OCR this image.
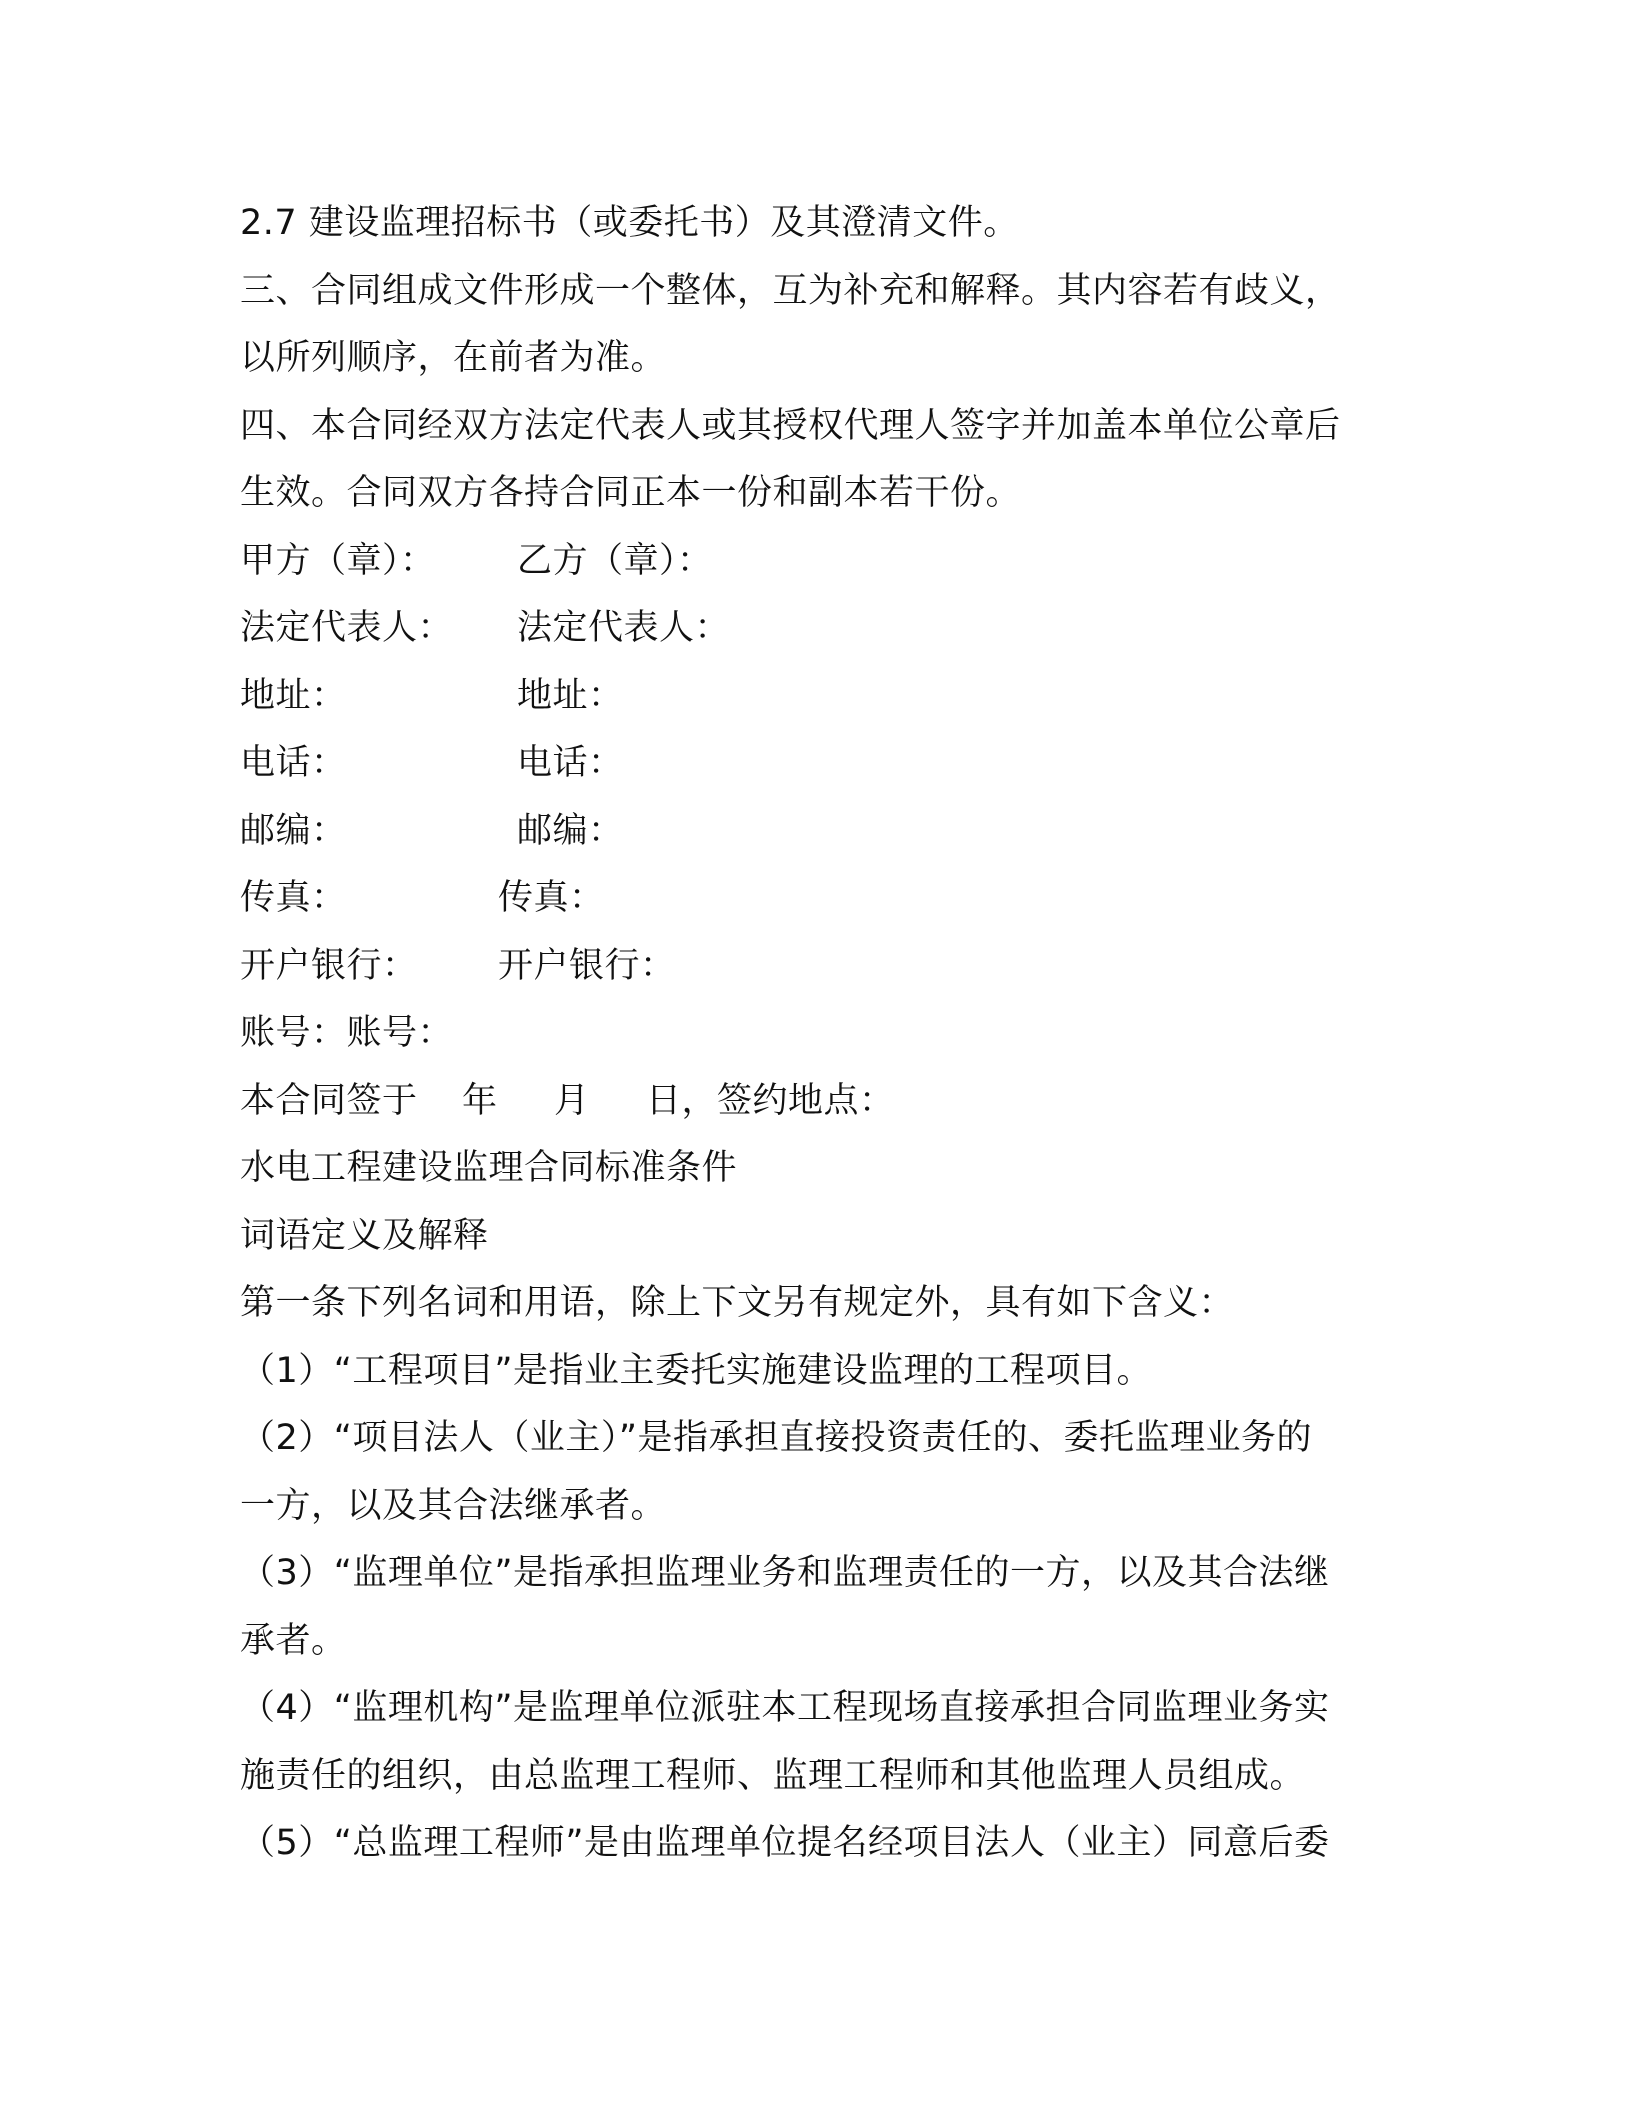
2.7 建设监理招标书（或委托书）及其澄清文件。
三、合同组成文件形成一个整体，互为补充和解释。其内容若有歧义，
以所列顺序，在前者为准。
四、本合同经双方法定代表人或其授权代理人签字并加盖本单位公章后
生效。合同双方各持合同正本一份和副本若干份。
甲方（章）：	乙方（章）：
法定代表人：	法定代表人：
地址：	地址：
电话：	电话：
邮编：	邮编：
传真：	传真：
开户银行：	开户银行：
账号：账号：
本合同签于 年 月 日，签约地点：
水电工程建设监理合同标准条件
词语定义及解释
第一条下列名词和用语，除上下文另有规定外，具有如下含义：
（1）“工程项目”是指业主委托实施建设监理的工程项目。
（2）“项目法人（业主）”是指承担直接投资责任的、委托监理业务的
一方，以及其合法继承者。
（3）“监理单位”是指承担监理业务和监理责任的一方，以及其合法继
承者。
（4）“监理机构”是监理单位派驻本工程现场直接承担合同监理业务实
施责任的组织，由总监理工程师、监理工程师和其他监理人员组成。
（5）“总监理工程师”是由监理单位提名经项目法人（业主）同意后委
